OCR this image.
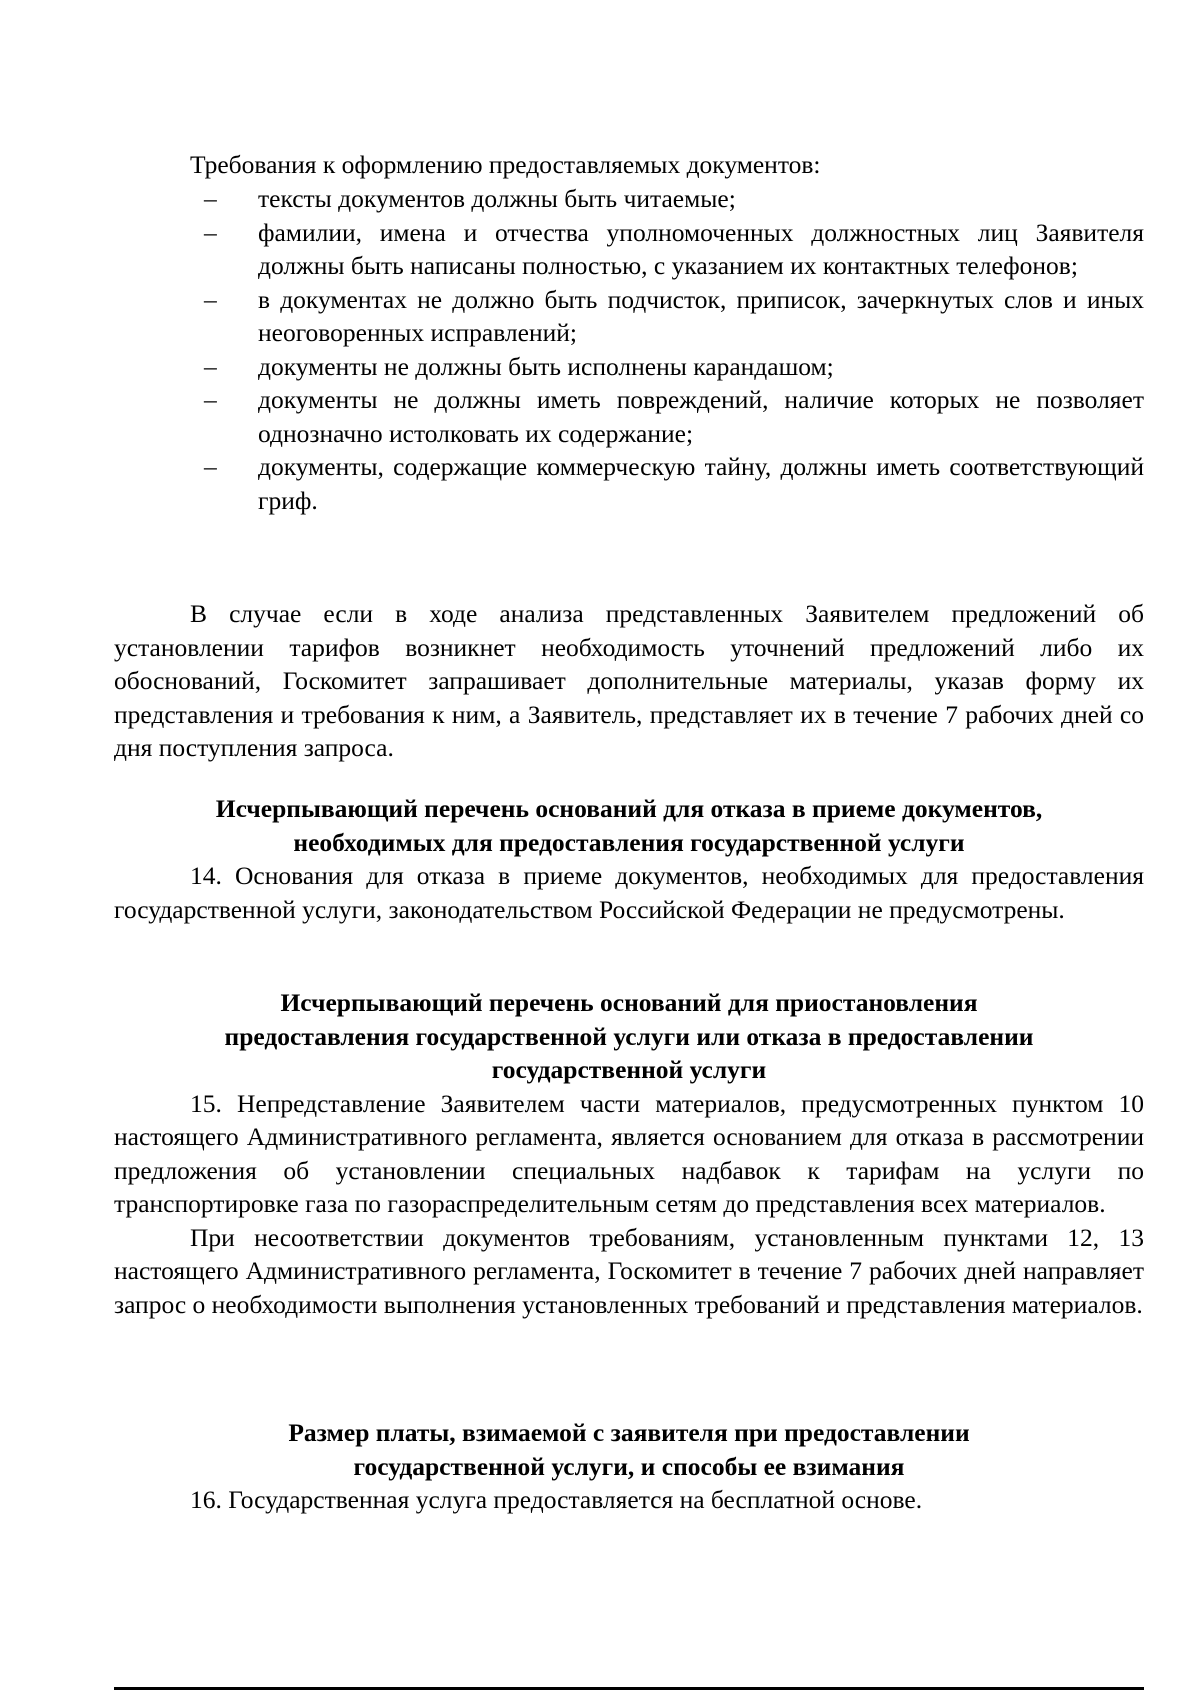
Требования к оформлению предоставляемых документов:

– тексты документов должны быть читаемые;
– фамилии, имена и отчества уполномоченных должностных лиц Заявителя должны быть написаны полностью, с указанием их контактных телефонов;
– в документах не должно быть подчисток, приписок, зачеркнутых слов и иных неоговоренных исправлений;
– документы не должны быть исполнены карандашом;
– документы не должны иметь повреждений, наличие которых не позволяет однозначно истолковать их содержание;
– документы, содержащие коммерческую тайну, должны иметь соответствующий гриф.

В случае если в ходе анализа представленных Заявителем предложений об установлении тарифов возникнет необходимость уточнений предложений либо их обоснований, Госкомитет запрашивает дополнительные материалы, указав форму их представления и требования к ним, а Заявитель, представляет их в течение 7 рабочих дней со дня поступления запроса.

Исчерпывающий перечень оснований для отказа в приеме документов,
необходимых для предоставления государственной услуги

14. Основания для отказа в приеме документов, необходимых для предоставления государственной услуги, законодательством Российской Федерации не предусмотрены.

Исчерпывающий перечень оснований для приостановления
предоставления государственной услуги или отказа в предоставлении
государственной услуги

15. Непредставление Заявителем части материалов, предусмотренных пунктом 10 настоящего Административного регламента, является основанием для отказа в рассмотрении предложения об установлении специальных надбавок к тарифам на услуги по транспортировке газа по газораспределительным сетям до представления всех материалов.

При несоответствии документов требованиям, установленным пунктами 12, 13 настоящего Административного регламента, Госкомитет в течение 7 рабочих дней направляет запрос о необходимости выполнения установленных требований и представления материалов.

Размер платы, взимаемой с заявителя при предоставлении
государственной услуги, и способы ее взимания

16. Государственная услуга предоставляется на бесплатной основе.
